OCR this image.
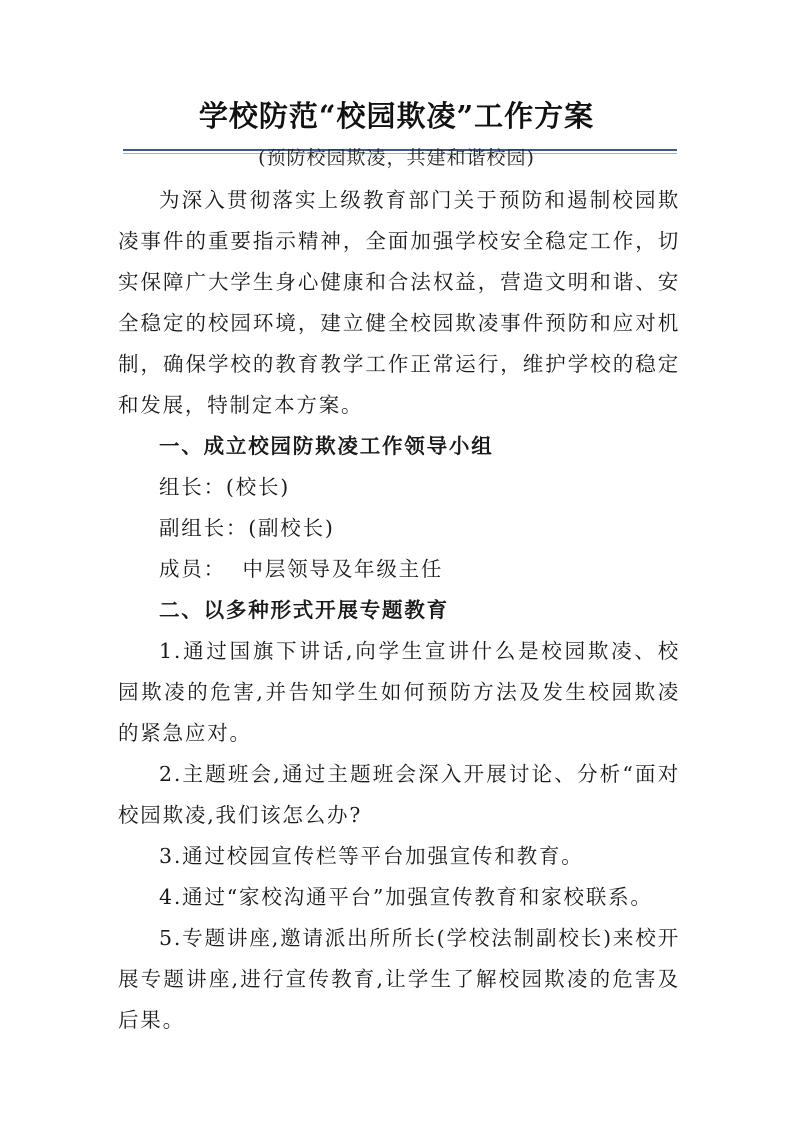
学校防范“校园欺凌”工作方案
(预防校园欺凌，共建和谐校园)

为深入贯彻落实上级教育部门关于预防和遏制校园欺凌事件的重要指示精神，全面加强学校安全稳定工作，切实保障广大学生身心健康和合法权益，营造文明和谐、安全稳定的校园环境，建立健全校园欺凌事件预防和应对机制，确保学校的教育教学工作正常运行，维护学校的稳定和发展，特制定本方案。

一、成立校园防欺凌工作领导小组

组长：(校长)

副组长：(副校长)

成员：  中层领导及年级主任

二、以多种形式开展专题教育

1.通过国旗下讲话,向学生宣讲什么是校园欺凌、校园欺凌的危害,并告知学生如何预防方法及发生校园欺凌的紧急应对。

2.主题班会,通过主题班会深入开展讨论、分析“面对校园欺凌,我们该怎么办?

3.通过校园宣传栏等平台加强宣传和教育。

4.通过“家校沟通平台”加强宣传教育和家校联系。

5.专题讲座,邀请派出所所长(学校法制副校长)来校开展专题讲座,进行宣传教育,让学生了解校园欺凌的危害及后果。
